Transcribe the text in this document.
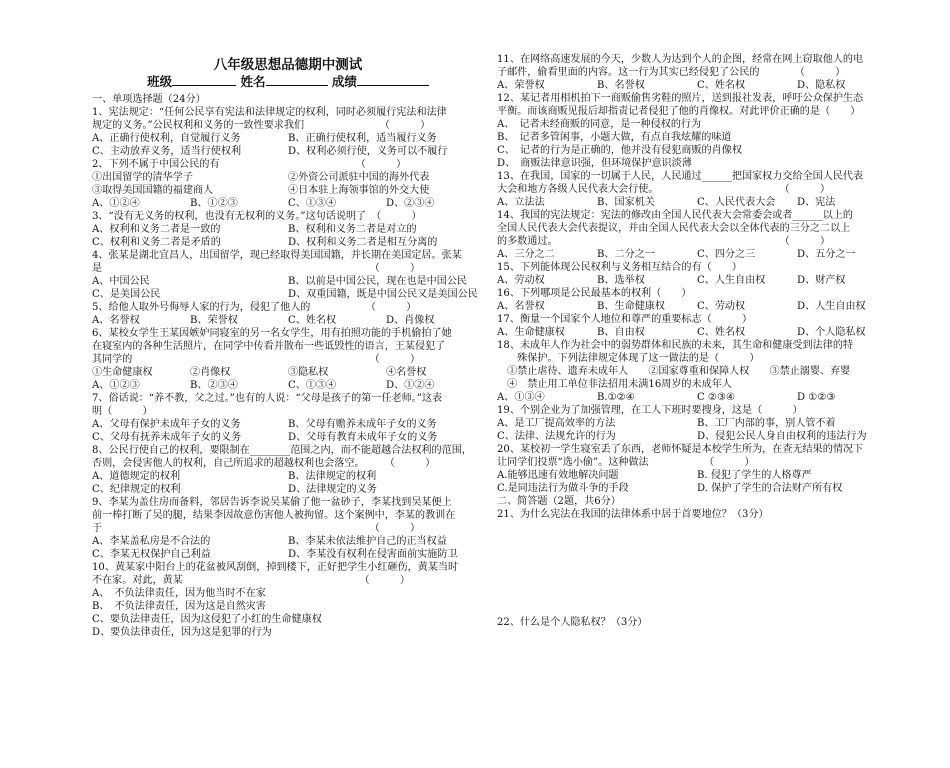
八年级思想品德期中测试
班级	姓名	成绩
一、单项选择题（24分）
1、宪法规定：“任何公民享有宪法和法律规定的权利，同时必须履行宪法和法律
规定的义务。”公民权利和义务的一致性要求我们　　　　　　　　（　　　）
A、正确行使权利，自觉履行义务	B、正确行使权利，适当履行义务
C、主动放弃义务，适当行使权利	D、权利必须行使，义务可以不履行
2、下列不属于中国公民的有　　　　　　　　　　　　　　（　　　）
①出国留学的清华学子	②外资公司派驻中国的海外代表
③取得美国国籍的福建商人	④日本驻上海领事馆的外交大使
A、①②④	B、①②③	C、①③④	D、②③④
3、“没有无义务的权利，也没有无权利的义务。”这句话说明了　（　　　）
A、权利和义务二者是一致的	B、权利和义务二者是对立的
C、权利和义务二者是矛盾的	D、权利和义务二者是相互分离的
4、张某是湖北宜昌人，出国留学，现已经取得美国国籍，并长期在美国定居。张某
是　　　　　　　　　　　　　　　　　　　　　　　　　　　（　　　）
A、中国公民	B、以前是中国公民，现在也是中国公民
C、是美国公民	D、双重国籍，既是中国公民又是美国公民
5、给他人取外号侮辱人家的行为，侵犯了他人的　　　　　　（　　　）
A、名誉权	B、荣誉权	C、姓名权	D、肖像权
6、某校女学生王某因嫉妒同寝室的另一名女学生，用有拍照功能的手机偷拍了她
在寝室内的各种生活照片，在同学中传看并散布一些诋毁性的语言，王某侵犯了
其同学的　　　　　　　　　　　　　　　　　　　　　　　　（　　　）
①生命健康权	②肖像权	③隐私权	④名誉权
A、①②③	B、②③④	C、①③④	D、①②④
7、俗话说：“养不教，父之过。”也有的人说：“父母是孩子的第一任老师。”这表
明（　　　）
A、父母有保护未成年子女的义务	B、父母有赡养未成年子女的义务
C、父母有抚养未成年子女的义务	D、父母有教育未成年子女的义务
8、公民行使自己的权利，要限制在________范围之内，而不能超越合法权利的范围，
否则，会侵害他人的权利，自己所追求的超越权利也会落空。　　　（　　　）
A、道德规定的权利	B、法律规定的权利
C、纪律规定的权利	D、法律规定的义务
9、李某为盖住房而备料，邻居告诉李说吴某偷了他一盆砂子，李某找到吴某便上
前一棒打断了吴的腿，结果李因故意伤害他人被拘留。这个案例中，李某的教训在
于　　　　　　　　　　　　　　　　　　　　　　　　　　　（　　　）
A、李某盖私房是不合法的	B、李某未依法维护自己的正当权益
C、李某无权保护自己利益	D、李某没有权利在侵害面前实施防卫
10、黄某家中阳台上的花盆被风刮倒，掉到楼下，正好把学生小红砸伤，黄某当时
不在家。对此，黄某　　　　　　　　　　　　　　　　　　（　　　）
A、　不负法律责任，因为他当时不在家
B、　不负法律责任，因为这是自然灾害
C、要负法律责任，因为这侵犯了小红的生命健康权
D、要负法律责任，因为这是犯罪的行为
11、在网络高速发展的今天，少数人为达到个人的企图，经常在网上窃取他人的电
子邮件，偷看里面的内容。这一行为其实已经侵犯了公民的　　　　（　　　）
A、荣誉权	B、名誉权	C、姓名权	D、隐私权
12、某记者用相机拍下一商贩偷售劣鞋的照片，送到报社发表，呼吁公众保护生态
平衡。而该商贩见报后却指责记者侵犯了他的肖像权。对此评价正确的是（　　）
A、　记者未经商贩的同意，是一种侵权的行为
B、　记者多管闲事，小题大做，有点自我炫耀的味道
C、　记者的行为是正确的，他并没有侵犯商贩的肖像权
D、　商贩法律意识强，但环境保护意识淡薄
13、在我国，国家的一切属于人民，人民通过______把国家权力交给全国人民代表
大会和地方各级人民代表大会行使。　　　　　　　　　　　　　（　　　）
A、立法法	B、国家机关	C、人民代表大会	D、宪法
14、我国的宪法规定：宪法的修改由全国人民代表大会常委会或者______以上的
全国人民代表大会代表提议，并由全国人民代表大会以全体代表的三分之二以上
的多数通过。　　　　　　　　　　　　　　　　　　　　　　　（　　　）
A、三分之二	B、二分之一	C、四分之三	D、五分之一
15、下列能体现公民权利与义务相互结合的有（　　）
A、劳动权	B、选举权	C、人生自由权	D、财产权
16、下列哪项是公民最基本的权利（　　）
A、名誉权	B、生命健康权	C、劳动权	D、人生自由权
17、衡量一个国家个人地位和尊严的重要标志（　　　）
A、生命健康权	B、自由权	C、姓名权	D、个人隐私权
18、未成年人作为社会中的弱势群体和民族的未来，其生命和健康受到法律的特
　　殊保护。下列法律规定体现了这一做法的是（　　　）
　①禁止虐待、遗弃未成年人　　②国家尊重和保障人权　　③禁止溺婴、弃婴
　④　禁止用工单位非法招用未满16周岁的未成年人
A、①③④	B.①②④	C ②③④	D ①②③
19、个别企业为了加强管理，在工人下班时要搜身，这是（　　　）
A、是工厂提高效率的方法	B、工厂内部的事，别人管不着
C、法律、法规允许的行为	D、侵犯公民人身自由权利的违法行为
20、某校初一学生寝室丢了东西，老师怀疑是本校学生所为，在查无结果的情况下
让同学们投票“选小偷”。这种做法　　　　　　（　　　）
A.能够迅速有效地解决问题	B. 侵犯了学生的人格尊严
C.是同违法行为做斗争的手段	D. 保护了学生的合法财产所有权
二、简答题（2题，共6分）
21、为什么宪法在我国的法律体系中居于首要地位？（3分）
22、什么是个人隐私权？（3分）
